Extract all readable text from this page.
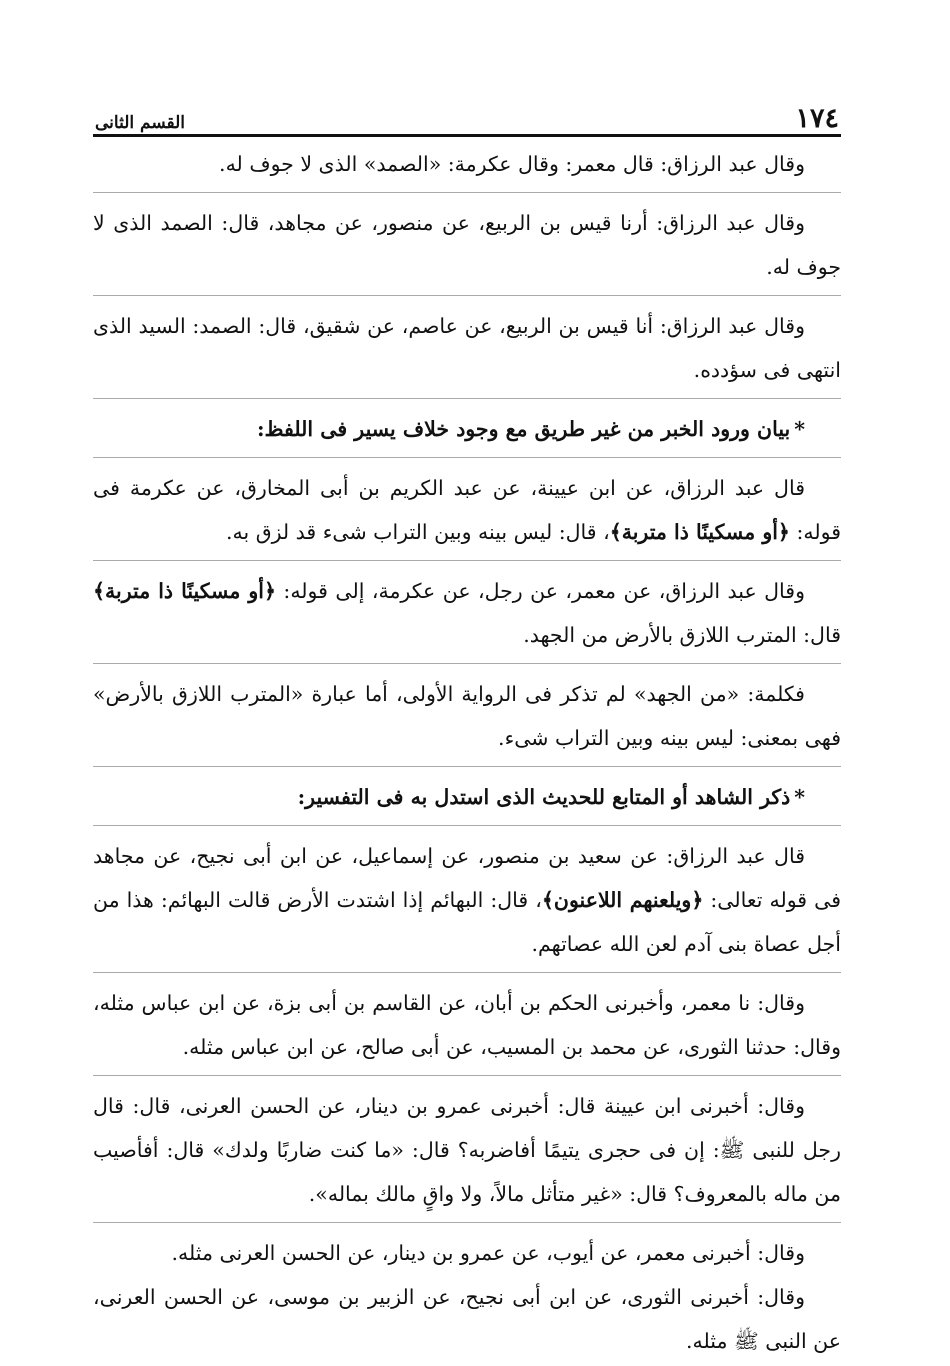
١٧٤
القسم الثانى

وقال عبد الرزاق: قال معمر: وقال عكرمة: «الصمد» الذى لا جوف له.

وقال عبد الرزاق: أرنا قيس بن الربيع، عن منصور، عن مجاهد، قال: الصمد الذى لا جوف له.

وقال عبد الرزاق: أنا قيس بن الربيع، عن عاصم، عن شقيق، قال: الصمد: السيد الذى انتهى فى سؤدده.

*بيان ورود الخبر من غير طريق مع وجود خلاف يسير فى اللفظ:

قال عبد الرزاق، عن ابن عيينة، عن عبد الكريم بن أبى المخارق، عن عكرمة فى قوله: ﴿أو مسكينًا ذا متربة﴾، قال: ليس بينه وبين التراب شىء قد لزق به.

وقال عبد الرزاق، عن معمر، عن رجل، عن عكرمة، إلى قوله: ﴿أو مسكينًا ذا متربة﴾ قال: المترب اللازق بالأرض من الجهد.

فكلمة: «من الجهد» لم تذكر فى الرواية الأولى، أما عبارة «المترب اللازق بالأرض» فهى بمعنى: ليس بينه وبين التراب شىء.

*ذكر الشاهد أو المتابع للحديث الذى استدل به فى التفسير:

قال عبد الرزاق: عن سعيد بن منصور، عن إسماعيل، عن ابن أبى نجيح، عن مجاهد فى قوله تعالى: ﴿ويلعنهم اللاعنون﴾، قال: البهائم إذا اشتدت الأرض قالت البهائم: هذا من أجل عصاة بنى آدم لعن الله عصاتهم.

وقال: نا معمر، وأخبرنى الحكم بن أبان، عن القاسم بن أبى بزة، عن ابن عباس مثله، وقال: حدثنا الثورى، عن محمد بن المسيب، عن أبى صالح، عن ابن عباس مثله.

وقال: أخبرنى ابن عيينة قال: أخبرنى عمرو بن دينار، عن الحسن العرنى، قال: قال رجل للنبى ﷺ: إن فى حجرى يتيمًا أفاضربه؟ قال: «ما كنت ضاربًا ولدك» قال: أفأصيب من ماله بالمعروف؟ قال: «غير متأثل مالاً، ولا واقٍ مالك بماله».

وقال: أخبرنى معمر، عن أيوب، عن عمرو بن دينار، عن الحسن العرنى مثله.

وقال: أخبرنى الثورى، عن ابن أبى نجيح، عن الزبير بن موسى، عن الحسن العرنى، عن النبى ﷺ مثله.
